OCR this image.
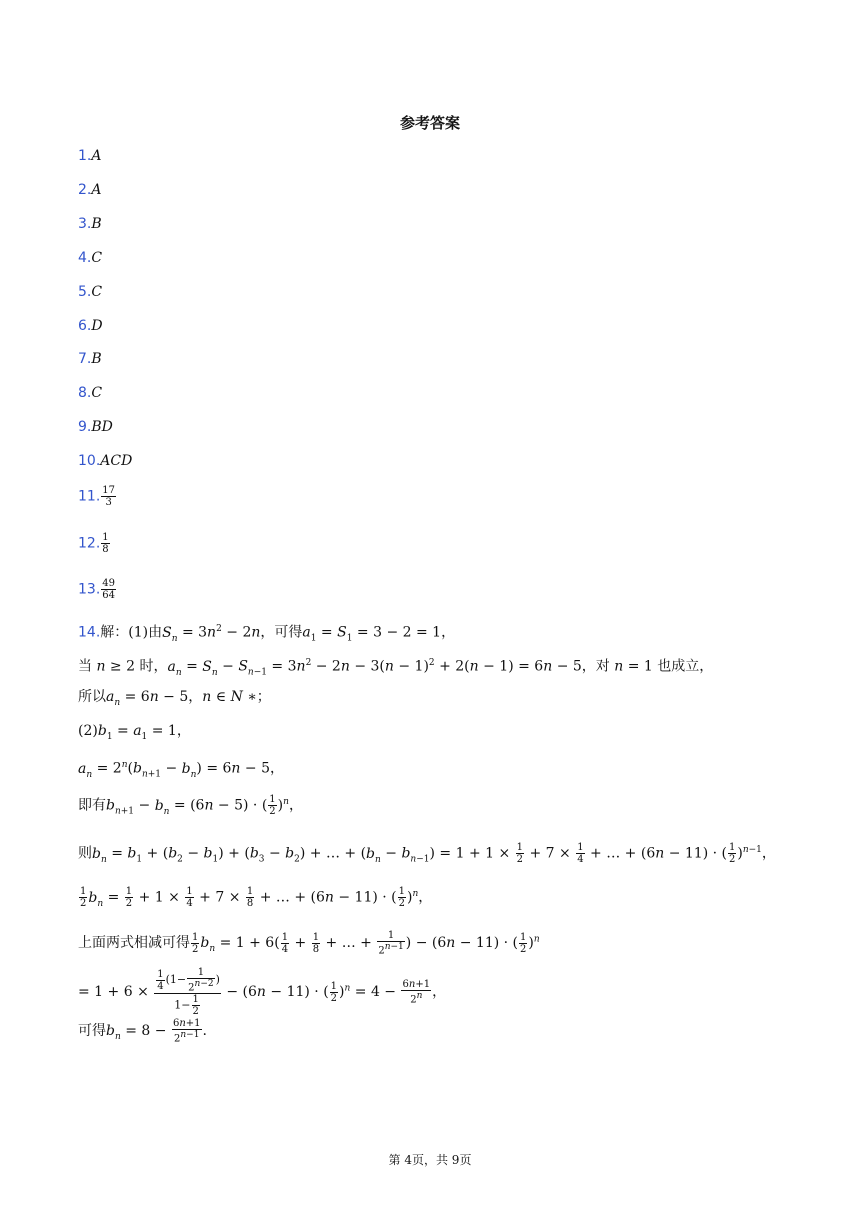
参考答案
1.A
2.A
3.B
4.C
5.C
6.D
7.B
8.C
9.BD
10.ACD
11. $\frac{17}{3}$
12. $\frac{1}{8}$
13. $\frac{49}{64}$
14.解：(1)由$S_n = 3n^2 - 2n$，可得$a_1 = S_1 = 3 - 2 = 1$，
当 n ≥ 2 时，$a_n = S_n - S_{n-1} = 3n^2 - 2n - 3(n - 1)^2 + 2(n - 1) = 6n - 5$，对 n = 1 也成立，
所以$a_n = 6n - 5$，n ∈ N ∗；
$(2)b_1 = a_1 = 1$，
$a_n = 2^n(b_{n+1} - b_n) = 6n - 5$，
即有$b_{n+1} - b_n = (6n - 5)$ · ( $\frac{1}{2} )^n$，
则$b_n = b_1 + (b_2 - b_1) + (b_3 - b_2)$ + … + $(b_n - b_{n-1}) = 1 + 1 \times \frac{1}{2} + 7 \times \frac{1}{4}$ + … + (6n − 11) · ( $\frac{1}{2} )^{n-1}$，
$\frac{1}{2} b_n = \frac{1}{2} + 1 \times \frac{1}{4} + 7 \times \frac{1}{8}$ + … + (6n − 11) · ( $\frac{1}{2} )^n$，
上面两式相减可得 $\frac{1}{2} b_n = 1 + 6( \frac{1}{4} + \frac{1}{8}$ + … + $\frac{1}{2^{n-1}}$ ) − (6n − 11) · ( $\frac{1}{2} )^n$
= $1 + 6 \times \frac{\frac{1}{4} (1- \frac{1}{2^{n-2}} )}{1- \frac{1}{2}} - (6n - 11)$ · ( $\frac{1}{2} )^n = 4 - \frac{6n+1}{2^n}$ ，
可得$b_n = 8 - \frac{6n+1}{2^{n-1}}$ .
第 4页，共 9页
